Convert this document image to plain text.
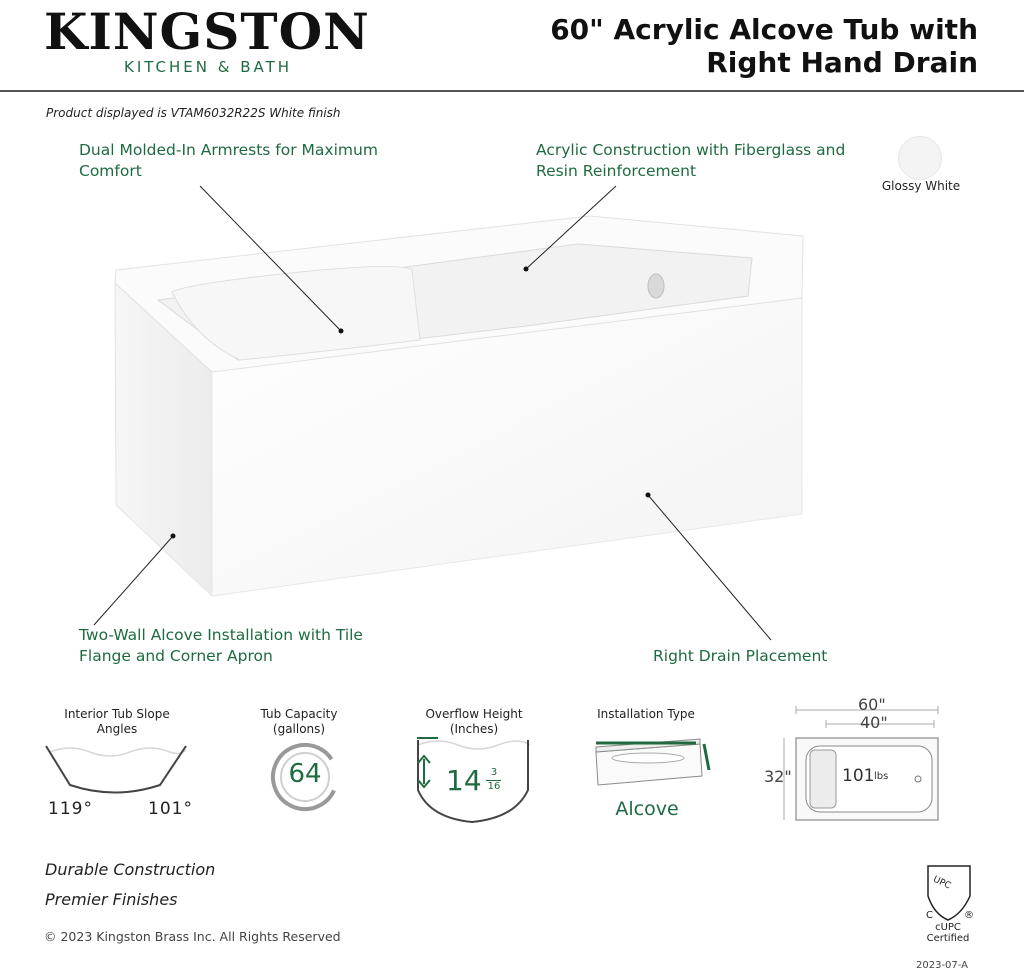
KINGSTON
KITCHEN & BATH
60" Acrylic Alcove Tub with
Right Hand Drain
Product displayed is VTAM6032R22S White finish
C	®
UPC
Dual Molded-In Armrests for Maximum Comfort
Acrylic Construction with Fiberglass and Resin Reinforcement
Two-Wall Alcove Installation with Tile Flange and Corner Apron	Right Drain Placement
Glossy White
Interior Tub Slope Angles
Tub Capacity (gallons)
Overflow Height (Inches)
Installation Type
119°	101°
64	14 3
16
Alcove
60"
40"
32"	101 lbs
Durable Construction
Premier Finishes
© 2023 Kingston Brass Inc. All Rights Reserved
cUPC
Certified
2023-07-A
